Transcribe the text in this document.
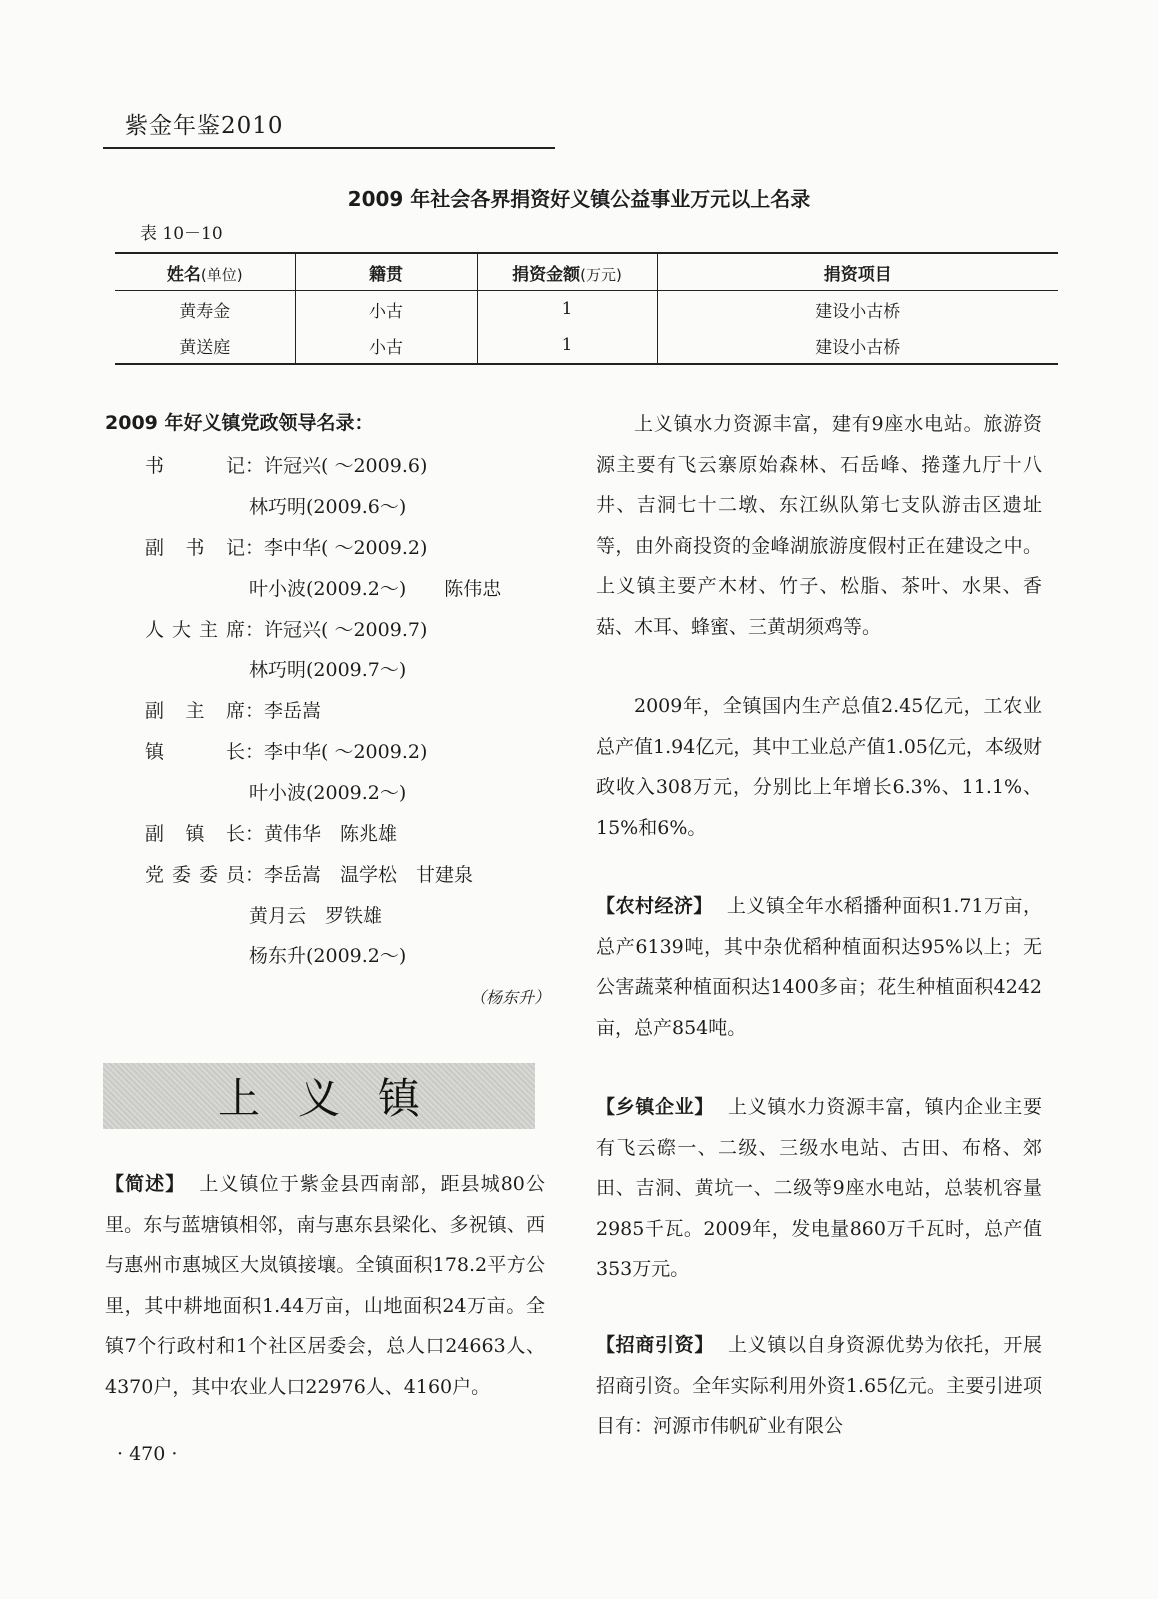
紫金年鉴2010
2009 年社会各界捐资好义镇公益事业万元以上名录
表 10－10
姓名(单位)	籍贯	捐资金额(万元)	捐资项目
黄寿金	小古	1	建设小古桥
黄送庭	小古	1	建设小古桥
2009 年好义镇党政领导名录：
书记：许冠兴( ～2009.6)
林巧明(2009.6～)
副书记：李中华( ～2009.2)
叶小波(2009.2～)　　陈伟忠
人大主席：许冠兴( ～2009.7)
林巧明(2009.7～)
副主席：李岳嵩
镇长：李中华( ～2009.2)
叶小波(2009.2～)
副镇长：黄伟华　陈兆雄
党委委员：李岳嵩　温学松　甘建泉
黄月云　罗铁雄
杨东升(2009.2～)
（杨东升）
上义镇
【简述】 上义镇位于紫金县西南部，距县城80公里。东与蓝塘镇相邻，南与惠东县梁化、多祝镇、西与惠州市惠城区大岚镇接壤。全镇面积178.2平方公里，其中耕地面积1.44万亩，山地面积24万亩。全镇7个行政村和1个社区居委会，总人口24663人、4370户，其中农业人口22976人、4160户。
· 470 ·
上义镇水力资源丰富，建有9座水电站。旅游资源主要有飞云寨原始森林、石岳峰、捲蓬九厅十八井、吉洞七十二墩、东江纵队第七支队游击区遗址等，由外商投资的金峰湖旅游度假村正在建设之中。上义镇主要产木材、竹子、松脂、茶叶、水果、香菇、木耳、蜂蜜、三黄胡须鸡等。
2009年，全镇国内生产总值2.45亿元，工农业总产值1.94亿元，其中工业总产值1.05亿元，本级财政收入308万元，分别比上年增长6.3%、11.1%、15%和6%。
【农村经济】 上义镇全年水稻播种面积1.71万亩，总产6139吨，其中杂优稻种植面积达95%以上；无公害蔬菜种植面积达1400多亩；花生种植面积4242亩，总产854吨。
【乡镇企业】 上义镇水力资源丰富，镇内企业主要有飞云磜一、二级、三级水电站、古田、布格、郊田、吉洞、黄坑一、二级等9座水电站，总装机容量2985千瓦。2009年，发电量860万千瓦时，总产值353万元。
【招商引资】 上义镇以自身资源优势为依托，开展招商引资。全年实际利用外资1.65亿元。主要引进项目有：河源市伟帆矿业有限公
